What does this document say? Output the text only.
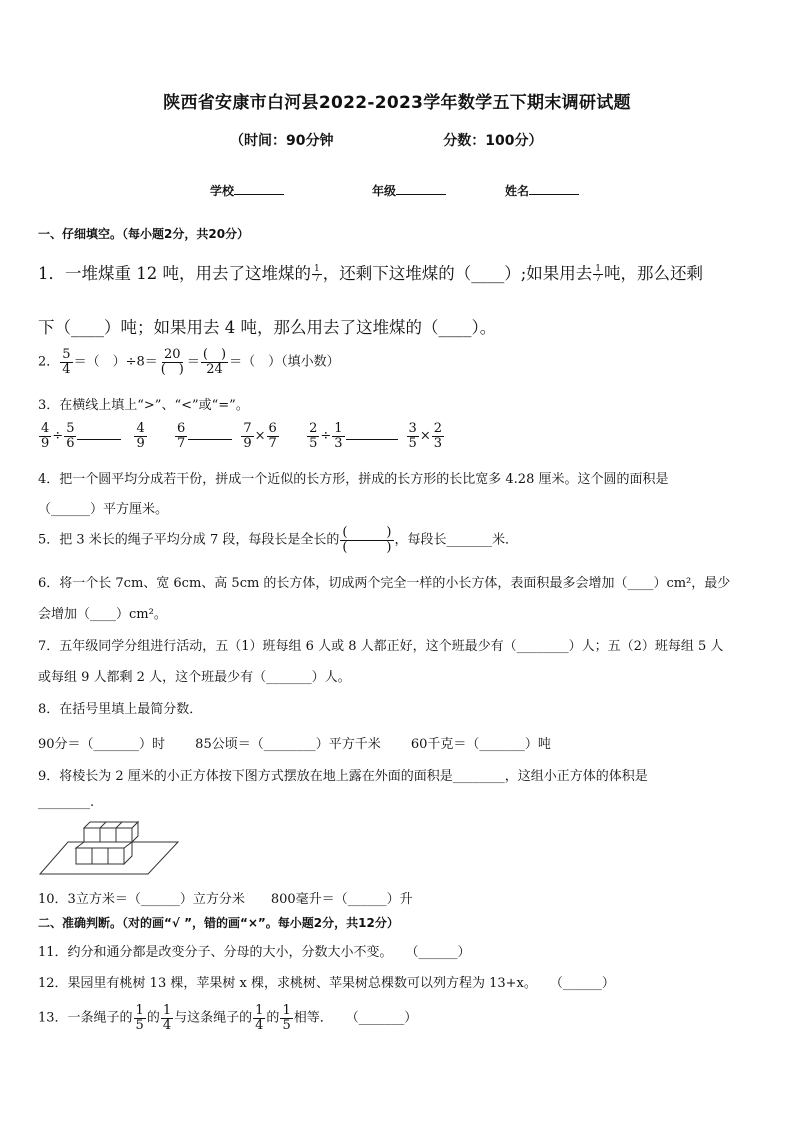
陕西省安康市白河县2022-2023学年数学五下期末调研试题
（时间：90分钟	分数：100分）
学校	年级	姓名
一、仔细填空。（每小题2分，共20分）
1．一堆煤重 12 吨，用去了这堆煤的 $\frac{1}{7}$ ，还剩下这堆煤的（____）;如果用去 $\frac{1}{7}$ 吨，那么还剩
下（____）吨；如果用去 4 吨，那么用去了这堆煤的（____）。
2． $\frac{5}{4}$ ＝（　）$\div 8= \frac{20}{( )} = \frac{( )}{24}$ ＝（　）（填小数）
3．在横线上填上“>”、“<”或“=”。
$\frac{4}{9} \div \frac{5}{6}$	$\frac{4}{9}$
$\frac{6}{7}$	$\frac{7}{9} \times \frac{6}{7}$
$\frac{2}{5} \div \frac{1}{3}$	$\frac{3}{5} \times \frac{2}{3}$
4．把一个圆平均分成若干份，拼成一个近似的长方形，拼成的长方形的长比宽多 4.28 厘米。这个圆的面积是
（______）平方厘米。
5．把 3 米长的绳子平均分成 7 段，每段长是全长的 $\frac{( )}{( )}$ ，每段长_______米．
6．将一个长 7cm、宽 6cm、高 5cm 的长方体，切成两个完全一样的小长方体，表面积最多会增加（____）cm²，最少
会增加（____）cm²。
7．五年级同学分组进行活动，五（1）班每组 6 人或 8 人都正好，这个班最少有（________）人；五（2）班每组 5 人
或每组 9 人都剩 2 人，这个班最少有（_______）人。
8．在括号里填上最简分数．
90分＝（_______）时　　 85公顷＝（________）平方千米　　 60千克＝（_______）吨
9．将棱长为 2 厘米的小正方体按下图方式摆放在地上露在外面的面积是________，这组小正方体的体积是
________.
10．3立方米＝（______）立方分米　　800毫升＝（______）升
二、准确判断。（对的画“√ ”，错的画“×”。每小题2分，共12分）
11．约分和通分都是改变分子、分母的大小，分数大小不变。　　（______）
12．果园里有桃树 13 棵，苹果树 x 棵，求桃树、苹果树总棵数可以列方程为 13+x。　　（______）
13．一条绳子的 $\frac{1}{5}$ 的 $\frac{1}{4}$ 与这条绳子的 $\frac{1}{4}$ 的 $\frac{1}{5}$ 相等．　　（_______）
